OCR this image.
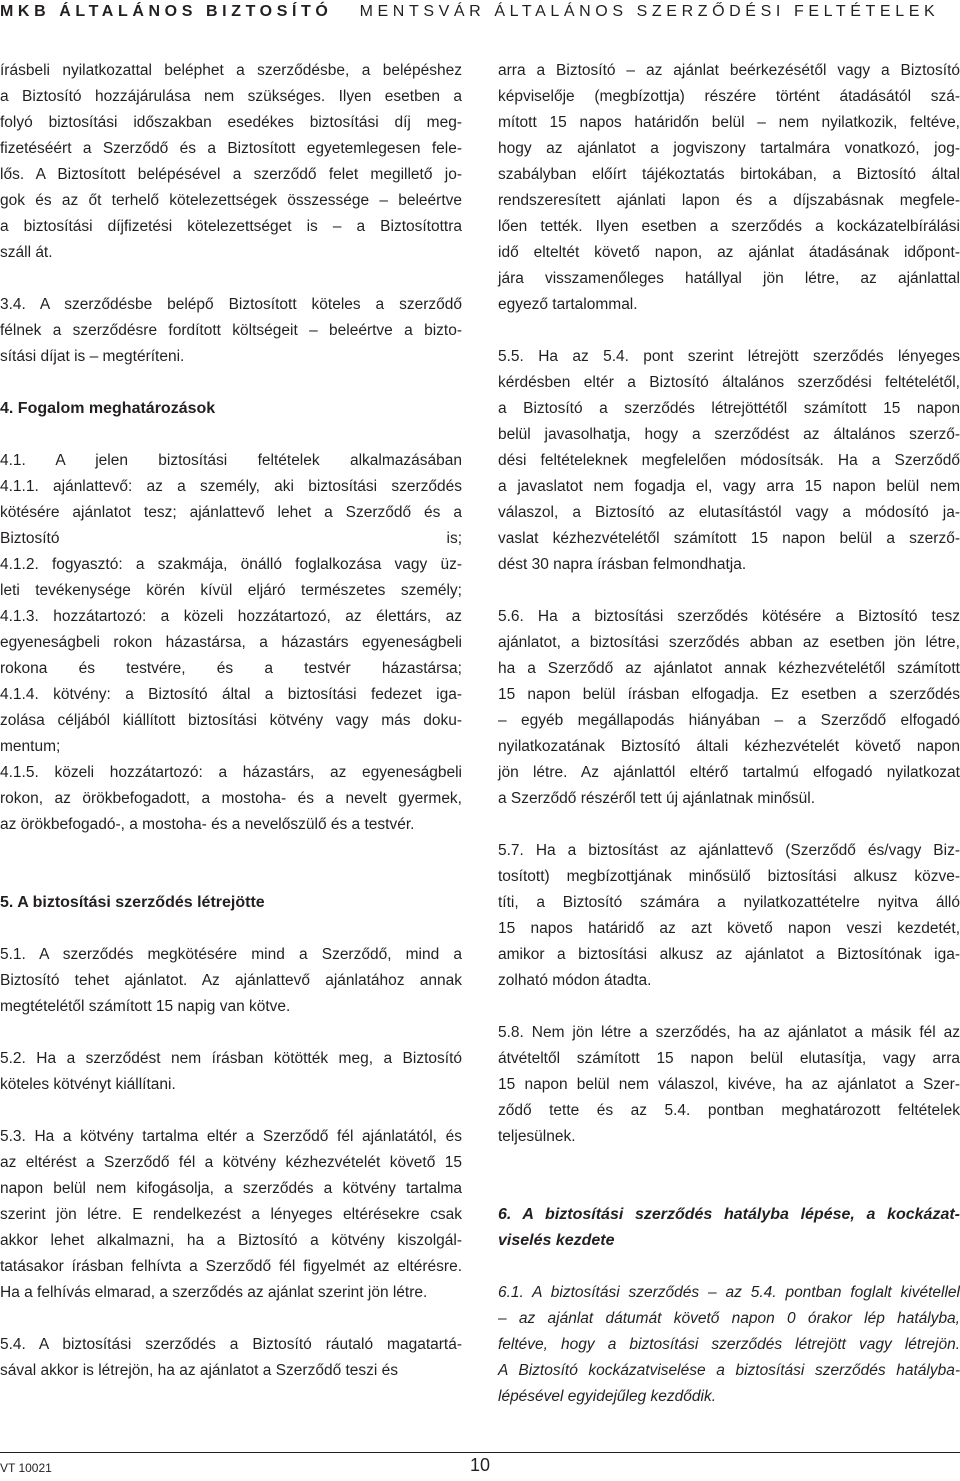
MKB ÁLTALÁNOS BIZTOSÍTÓ MENTSVÁR ÁLTALÁNOS SZERZŐDÉSI FELTÉTELEK
írásbeli nyilatkozattal beléphet a szerződésbe, a belépéshez
a Biztosító hozzájárulása nem szükséges. Ilyen esetben a
folyó biztosítási időszakban esedékes biztosítási díj meg-
fizetéséért a Szerződő és a Biztosított egyetemlegesen fele-
lős. A Biztosított belépésével a szerződő felet megillető jo-
gok és az őt terhelő kötelezettségek összessége – beleértve
a biztosítási díjfizetési kötelezettséget is – a Biztosítottra
száll át.
3.4. A szerződésbe belépő Biztosított köteles a szerződő
félnek a szerződésre fordított költségeit – beleértve a bizto-
sítási díjat is – megtéríteni.
4. Fogalom meghatározások
4.1. A jelen biztosítási feltételek alkalmazásában
4.1.1. ajánlattevő: az a személy, aki biztosítási szerződés
kötésére ajánlatot tesz; ajánlattevő lehet a Szerződő és a
Biztosító is;
4.1.2. fogyasztó: a szakmája, önálló foglalkozása vagy üz-
leti tevékenysége körén kívül eljáró természetes személy;
4.1.3. hozzátartozó: a közeli hozzátartozó, az élettárs, az
egyeneságbeli rokon házastársa, a házastárs egyeneságbeli
rokona és testvére, és a testvér házastársa;
4.1.4. kötvény: a Biztosító által a biztosítási fedezet iga-
zolása céljából kiállított biztosítási kötvény vagy más doku-
mentum;
4.1.5. közeli hozzátartozó: a házastárs, az egyeneságbeli
rokon, az örökbefogadott, a mostoha- és a nevelt gyermek,
az örökbefogadó-, a mostoha- és a nevelőszülő és a testvér.
5. A biztosítási szerződés létrejötte
5.1. A szerződés megkötésére mind a Szerződő, mind a
Biztosító tehet ajánlatot. Az ajánlattevő ajánlatához annak
megtételétől számított 15 napig van kötve.
5.2. Ha a szerződést nem írásban kötötték meg, a Biztosító
köteles kötvényt kiállítani.
5.3. Ha a kötvény tartalma eltér a Szerződő fél ajánlatától, és
az eltérést a Szerződő fél a kötvény kézhezvételét követő 15
napon belül nem kifogásolja, a szerződés a kötvény tartalma
szerint jön létre. E rendelkezést a lényeges eltérésekre csak
akkor lehet alkalmazni, ha a Biztosító a kötvény kiszolgál-
tatásakor írásban felhívta a Szerződő fél figyelmét az eltérésre.
Ha a felhívás elmarad, a szerződés az ajánlat szerint jön létre.
5.4. A biztosítási szerződés a Biztosító ráutaló magatartá-
sával akkor is létrejön, ha az ajánlatot a Szerződő teszi és
arra a Biztosító – az ajánlat beérkezésétől vagy a Biztosító
képviselője (megbízottja) részére történt átadásától szá-
mított 15 napos határidőn belül – nem nyilatkozik, feltéve,
hogy az ajánlatot a jogviszony tartalmára vonatkozó, jog-
szabályban előírt tájékoztatás birtokában, a Biztosító által
rendszeresített ajánlati lapon és a díjszabásnak megfele-
lően tették. Ilyen esetben a szerződés a kockázatelbírálási
idő elteltét követő napon, az ajánlat átadásának időpont-
jára visszamenőleges hatállyal jön létre, az ajánlattal
egyező tartalommal.
5.5. Ha az 5.4. pont szerint létrejött szerződés lényeges
kérdésben eltér a Biztosító általános szerződési feltételétől,
a Biztosító a szerződés létrejöttétől számított 15 napon
belül javasolhatja, hogy a szerződést az általános szerző-
dési feltételeknek megfelelően módosítsák. Ha a Szerződő
a javaslatot nem fogadja el, vagy arra 15 napon belül nem
válaszol, a Biztosító az elutasítástól vagy a módosító ja-
vaslat kézhezvételétől számított 15 napon belül a szerző-
dést 30 napra írásban felmondhatja.
5.6. Ha a biztosítási szerződés kötésére a Biztosító tesz
ajánlatot, a biztosítási szerződés abban az esetben jön létre,
ha a Szerződő az ajánlatot annak kézhezvételétől számított
15 napon belül írásban elfogadja. Ez esetben a szerződés
– egyéb megállapodás hiányában – a Szerződő elfogadó
nyilatkozatának Biztosító általi kézhezvételét követő napon
jön létre. Az ajánlattól eltérő tartalmú elfogadó nyilatkozat
a Szerződő részéről tett új ajánlatnak minősül.
5.7. Ha a biztosítást az ajánlattevő (Szerződő és/vagy Biz-
tosított) megbízottjának minősülő biztosítási alkusz közve-
títi, a Biztosító számára a nyilatkozattételre nyitva álló
15 napos határidő az azt követő napon veszi kezdetét,
amikor a biztosítási alkusz az ajánlatot a Biztosítónak iga-
zolható módon átadta.
5.8. Nem jön létre a szerződés, ha az ajánlatot a másik fél az
átvételtől számított 15 napon belül elutasítja, vagy arra
15 napon belül nem válaszol, kivéve, ha az ajánlatot a Szer-
ződő tette és az 5.4. pontban meghatározott feltételek
teljesülnek.
6. A biztosítási szerződés hatályba lépése, a kockázat-
viselés kezdete
6.1. A biztosítási szerződés – az 5.4. pontban foglalt kivétellel
– az ajánlat dátumát követő napon 0 órakor lép hatályba,
feltéve, hogy a biztosítási szerződés létrejött vagy létrejön.
A Biztosító kockázatviselése a biztosítási szerződés hatályba-
lépésével egyidejűleg kezdődik.
VT 10021	10
